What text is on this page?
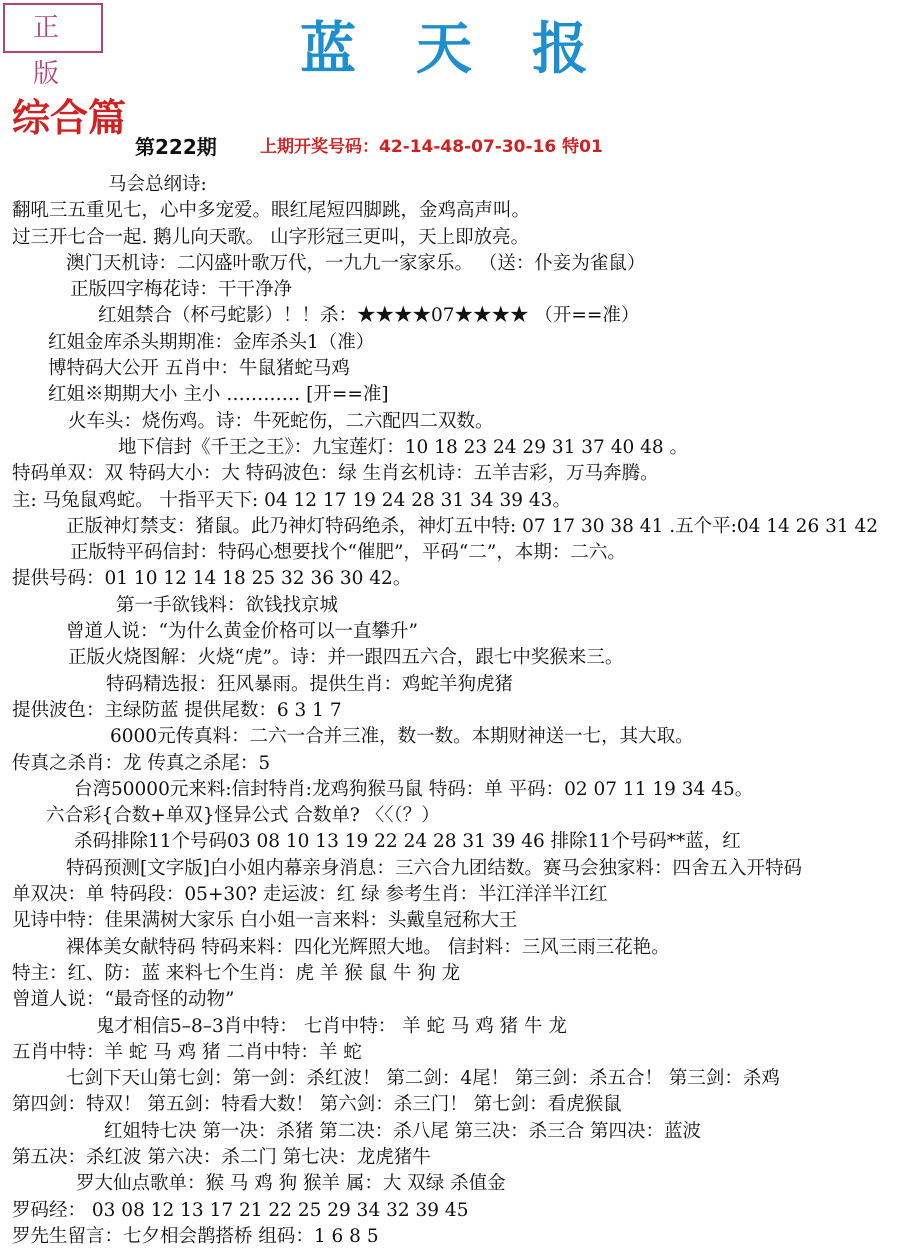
正 版	蓝天报
综合篇
第222期	上期开奖号码：42-14-48-07-30-16 特01
马会总纲诗:
翻吼三五重见七，心中多宠爱。眼红尾短四脚跳，金鸡高声叫。
过三开七合一起. 鹅儿向天歌。 山字形冠三更叫，天上即放亮。
澳门天机诗：二闪盛叶歌万代，一九九一家家乐。 （送：仆妾为雀鼠）
正版四字梅花诗：干干净净
红姐禁合（杯弓蛇影）！！杀：★★★★07★★★★ （开==准）
红姐金库杀头期期准：金库杀头1（准）
博特码大公开 五肖中：牛鼠猪蛇马鸡
红姐※期期大小 主小 ………… [开==准]
火车头：烧伤鸡。诗：牛死蛇伤，二六配四二双数。
地下信封《千王之王》：九宝莲灯：10 18 23 24 29 31 37 40 48 。
特码单双：双 特码大小：大 特码波色：绿 生肖玄机诗：五羊吉彩，万马奔腾。
主: 马兔鼠鸡蛇。 十指平天下: 04 12 17 19 24 28 31 34 39 43。
正版神灯禁支：猪鼠。此乃神灯特码绝杀，神灯五中特: 07 17 30 38 41 .五个平:04 14 26 31 42
正版特平码信封：特码心想要找个“催肥”，平码“二”，本期：二六。
提供号码：01 10 12 14 18 25 32 36 30 42。
第一手欲钱料：欲钱找京城
曾道人说：“为什么黄金价格可以一直攀升”
正版火烧图解：火烧“虎”。诗：并一跟四五六合，跟七中奖猴来三。
特码精选报：狂风暴雨。提供生肖：鸡蛇羊狗虎猪
提供波色：主绿防蓝 提供尾数：6 3 1 7
6000元传真料：二六一合并三准，数一数。本期财神送一七，其大取。
传真之杀肖：龙 传真之杀尾：5
台湾50000元来料:信封特肖:龙鸡狗猴马鼠 特码：单 平码：02 07 11 19 34 45。
六合彩{合数+单双}怪异公式 合数单? 〈〈（？）
杀码排除11个号码03 08 10 13 19 22 24 28 31 39 46 排除11个号码**蓝，红
特码预测[文字版]白小姐内幕亲身消息：三六合九团结数。赛马会独家料：四舍五入开特码
单双决：单 特码段：05+30? 走运波：红 绿 参考生肖：半江洋洋半江红
见诗中特：佳果满树大家乐 白小姐一言来料：头戴皇冠称大王
裸体美女献特码 特码来料：四化光辉照大地。 信封料：三风三雨三花艳。
特主：红、防：蓝 来料七个生肖：虎 羊 猴 鼠 牛 狗 龙
曾道人说：“最奇怪的动物”
鬼才相信5–8–3肖中特： 七肖中特： 羊 蛇 马 鸡 猪 牛 龙
五肖中特：羊 蛇 马 鸡 猪 二肖中特：羊 蛇
七剑下天山第七剑：第一剑：杀红波！ 第二剑：4尾！ 第三剑：杀五合！ 第三剑：杀鸡
第四剑：特双！ 第五剑：特看大数！ 第六剑：杀三门！ 第七剑：看虎猴鼠
红姐特七决 第一决：杀猪 第二决：杀八尾 第三决：杀三合 第四决：蓝波
第五决：杀红波 第六决：杀二门 第七决：龙虎猪牛
罗大仙点歌单：猴 马 鸡 狗 猴羊 属：大 双绿 杀值金
罗码经： 03 08 12 13 17 21 22 25 29 34 32 39 45
罗先生留言：七夕相会鹊搭桥 组码：1 6 8 5
